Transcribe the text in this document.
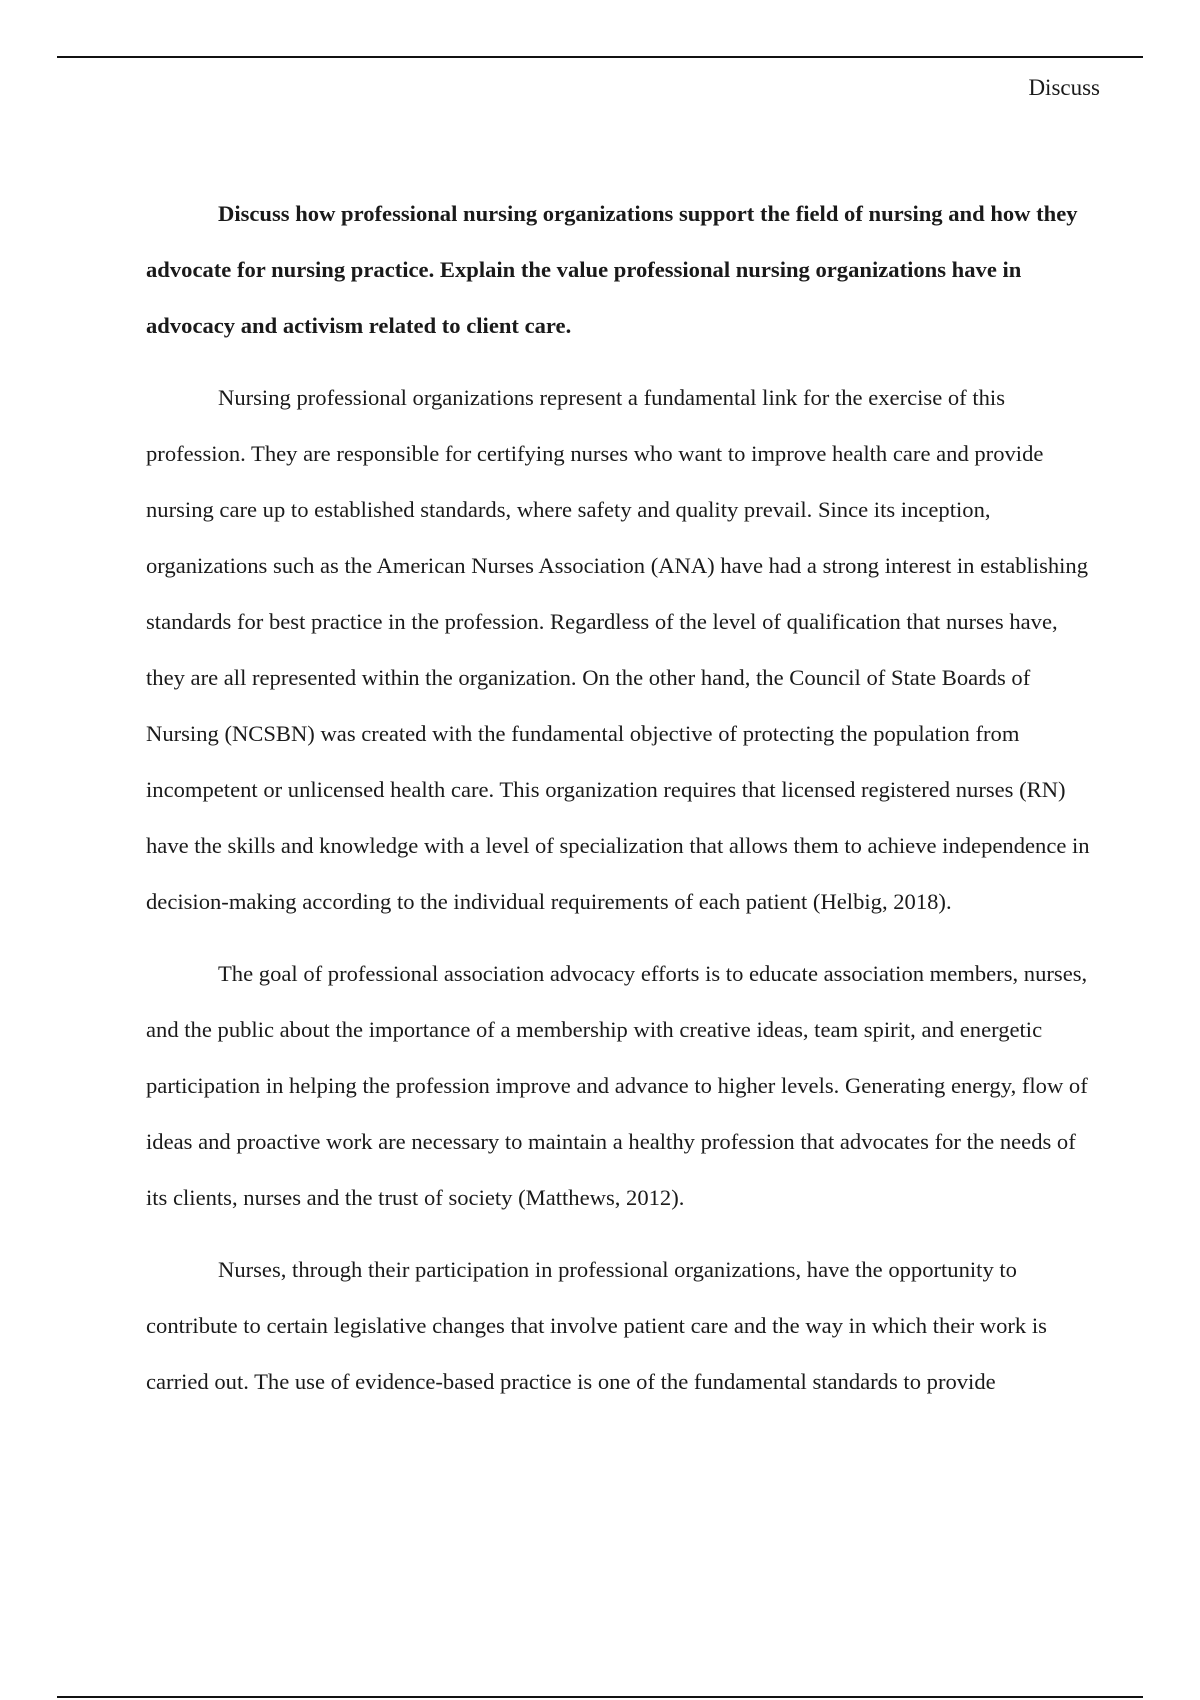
Discuss

Discuss how professional nursing organizations support the field of nursing and how they advocate for nursing practice. Explain the value professional nursing organizations have in advocacy and activism related to client care.

Nursing professional organizations represent a fundamental link for the exercise of this profession. They are responsible for certifying nurses who want to improve health care and provide nursing care up to established standards, where safety and quality prevail. Since its inception, organizations such as the American Nurses Association (ANA) have had a strong interest in establishing standards for best practice in the profession. Regardless of the level of qualification that nurses have, they are all represented within the organization. On the other hand, the Council of State Boards of Nursing (NCSBN) was created with the fundamental objective of protecting the population from incompetent or unlicensed health care. This organization requires that licensed registered nurses (RN) have the skills and knowledge with a level of specialization that allows them to achieve independence in decision-making according to the individual requirements of each patient (Helbig, 2018).

The goal of professional association advocacy efforts is to educate association members, nurses, and the public about the importance of a membership with creative ideas, team spirit, and energetic participation in helping the profession improve and advance to higher levels. Generating energy, flow of ideas and proactive work are necessary to maintain a healthy profession that advocates for the needs of its clients, nurses and the trust of society (Matthews, 2012).

Nurses, through their participation in professional organizations, have the opportunity to contribute to certain legislative changes that involve patient care and the way in which their work is carried out. The use of evidence-based practice is one of the fundamental standards to provide
